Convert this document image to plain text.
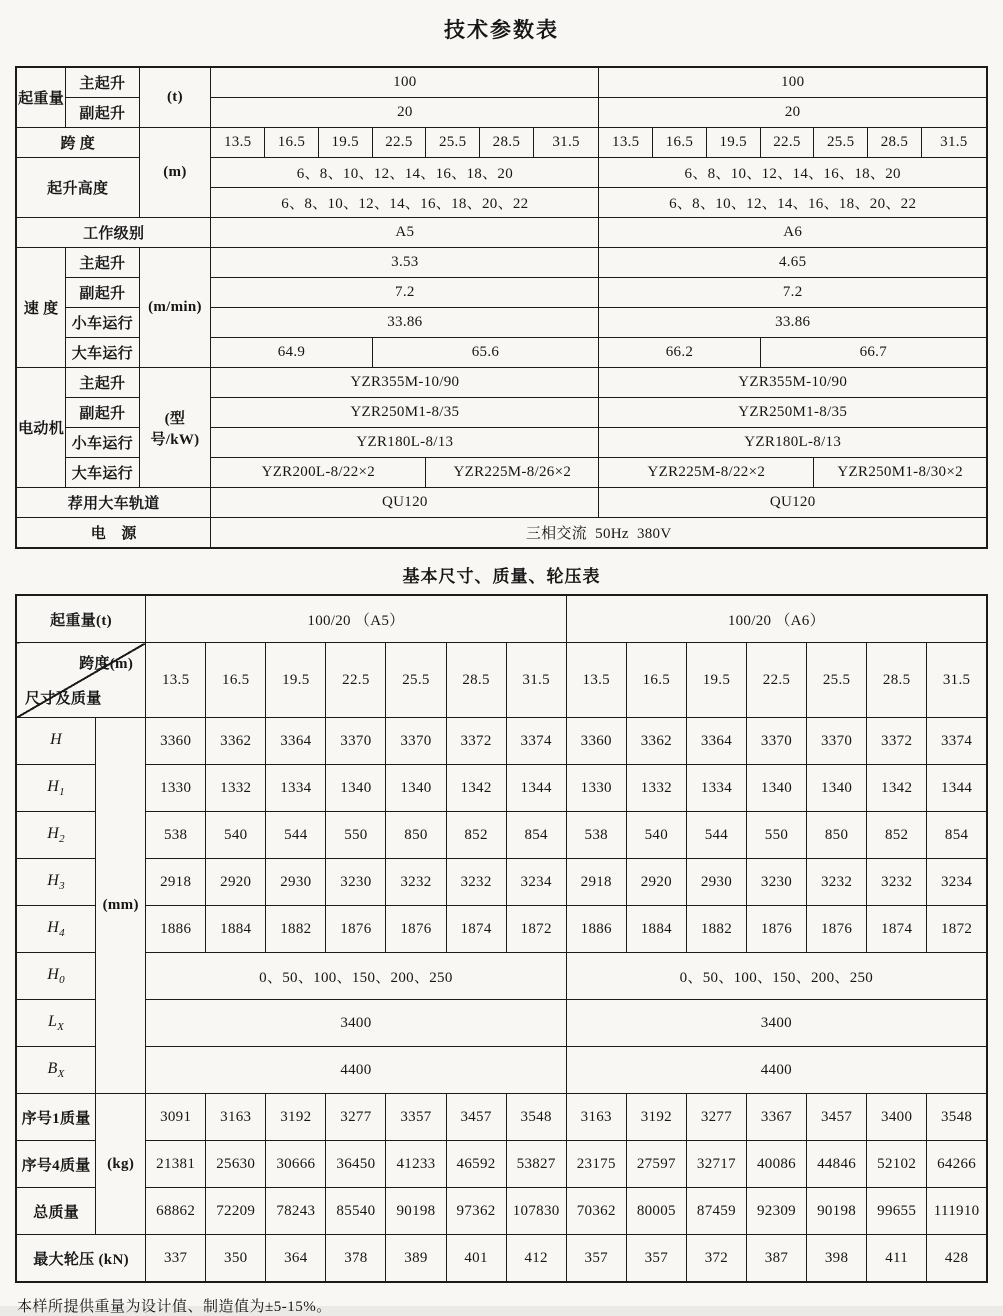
技术参数表
起重量	主起升	(t)	100							100						
	副起升		20							20						
跨 度		(m)	13.5	16.5	19.5	22.5	25.5	28.5	31.5	13.5	16.5	19.5	22.5	25.5	28.5	31.5
起升高度			6、8、10、12、14、16、18、20							6、8、10、12、14、16、18、20						
			6、8、10、12、14、16、18、20、22							6、8、10、12、14、16、18、20、22						
工作级别			A5							A6						
速 度	主起升	(m/min)	3.53							4.65						
	副起升		7.2							7.2						
	小车运行		33.86							33.86						
	大车运行		64.9			65.6				66.2			66.7			
电动机	主起升	(型号/kW)	YZR355M-10/90							YZR355M-10/90						
	副起升		YZR250M1-8/35							YZR250M1-8/35						
	小车运行		YZR180L-8/13							YZR180L-8/13						
	大车运行		YZR200L-8/22×2				YZR225M-8/26×2			YZR225M-8/22×2				YZR250M1-8/30×2		
荐用大车轨道			QU120							QU120						
电　源			三相交流  50Hz  380V													
基本尺寸、质量、轮压表
起重量(t)		100/20 （A5）							100/20 （A6）						

跨度(m)
尺寸及质量		13.5	16.5	19.5	22.5	25.5	28.5	31.5	13.5	16.5	19.5	22.5	25.5	28.5	31.5
H	(mm)	3360	3362	3364	3370	3370	3372	3374	3360	3362	3364	3370	3370	3372	3374
$H_1$		1330	1332	1334	1340	1340	1342	1344	1330	1332	1334	1340	1340	1342	1344
$H_2$		538	540	544	550	850	852	854	538	540	544	550	850	852	854
$H_3$		2918	2920	2930	3230	3232	3232	3234	2918	2920	2930	3230	3232	3232	3234
$H_4$		1886	1884	1882	1876	1876	1874	1872	1886	1884	1882	1876	1876	1874	1872
$H_0$		0、50、100、150、200、250							0、50、100、150、200、250						
$L_X$		3400							3400						
$B_X$		4400							4400						
序号1质量	(kg)	3091	3163	3192	3277	3357	3457	3548	3163	3192	3277	3367	3457	3400	3548
序号4质量		21381	25630	30666	36450	41233	46592	53827	23175	27597	32717	40086	44846	52102	64266
总质量		68862	72209	78243	85540	90198	97362	107830	70362	80005	87459	92309	90198	99655	111910
最大轮压 (kN)		337	350	364	378	389	401	412	357	357	372	387	398	411	428

本样所提供重量为设计值、制造值为±5-15%。
